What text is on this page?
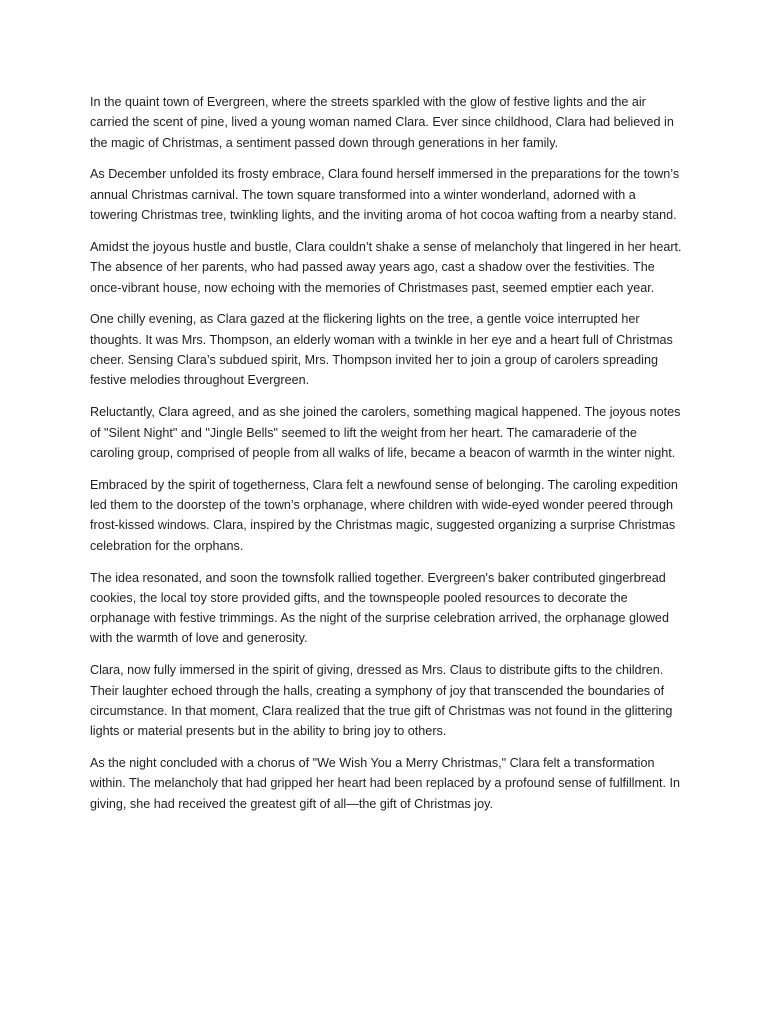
In the quaint town of Evergreen, where the streets sparkled with the glow of festive lights and the air carried the scent of pine, lived a young woman named Clara. Ever since childhood, Clara had believed in the magic of Christmas, a sentiment passed down through generations in her family.

As December unfolded its frosty embrace, Clara found herself immersed in the preparations for the town’s annual Christmas carnival. The town square transformed into a winter wonderland, adorned with a towering Christmas tree, twinkling lights, and the inviting aroma of hot cocoa wafting from a nearby stand.

Amidst the joyous hustle and bustle, Clara couldn’t shake a sense of melancholy that lingered in her heart. The absence of her parents, who had passed away years ago, cast a shadow over the festivities. The once-vibrant house, now echoing with the memories of Christmases past, seemed emptier each year.

One chilly evening, as Clara gazed at the flickering lights on the tree, a gentle voice interrupted her thoughts. It was Mrs. Thompson, an elderly woman with a twinkle in her eye and a heart full of Christmas cheer. Sensing Clara’s subdued spirit, Mrs. Thompson invited her to join a group of carolers spreading festive melodies throughout Evergreen.

Reluctantly, Clara agreed, and as she joined the carolers, something magical happened. The joyous notes of "Silent Night" and "Jingle Bells" seemed to lift the weight from her heart. The camaraderie of the caroling group, comprised of people from all walks of life, became a beacon of warmth in the winter night.

Embraced by the spirit of togetherness, Clara felt a newfound sense of belonging. The caroling expedition led them to the doorstep of the town’s orphanage, where children with wide-eyed wonder peered through frost-kissed windows. Clara, inspired by the Christmas magic, suggested organizing a surprise Christmas celebration for the orphans.

The idea resonated, and soon the townsfolk rallied together. Evergreen's baker contributed gingerbread cookies, the local toy store provided gifts, and the townspeople pooled resources to decorate the orphanage with festive trimmings. As the night of the surprise celebration arrived, the orphanage glowed with the warmth of love and generosity.

Clara, now fully immersed in the spirit of giving, dressed as Mrs. Claus to distribute gifts to the children. Their laughter echoed through the halls, creating a symphony of joy that transcended the boundaries of circumstance. In that moment, Clara realized that the true gift of Christmas was not found in the glittering lights or material presents but in the ability to bring joy to others.

As the night concluded with a chorus of "We Wish You a Merry Christmas," Clara felt a transformation within. The melancholy that had gripped her heart had been replaced by a profound sense of fulfillment. In giving, she had received the greatest gift of all—the gift of Christmas joy.
